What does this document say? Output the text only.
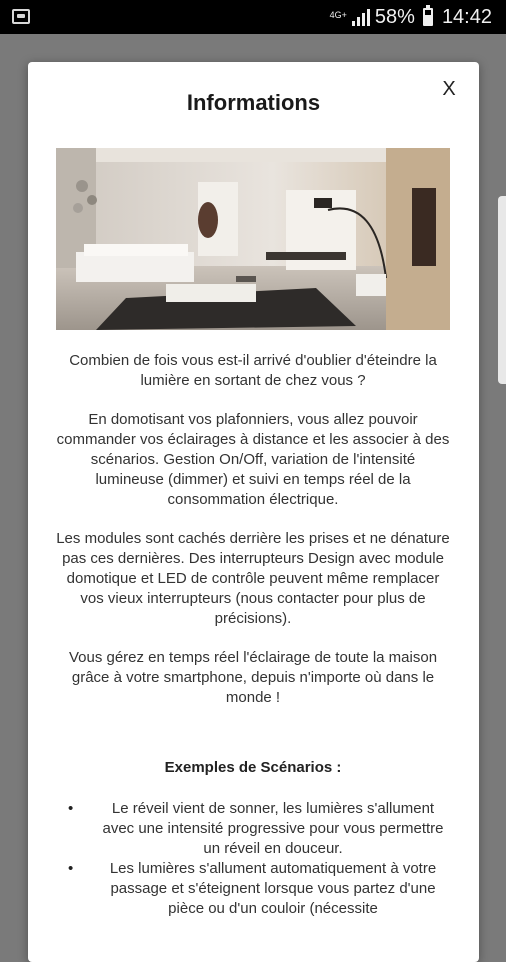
4G+ 58% 14:42
Informations
X

Combien de fois vous est-il arrivé d'oublier d'éteindre la lumière en sortant de chez vous ?

En domotisant vos plafonniers, vous allez pouvoir commander vos éclairages à distance et les associer à des scénarios. Gestion On/Off, variation de l'intensité lumineuse (dimmer) et suivi en temps réel de la consommation électrique.

Les modules sont cachés derrière les prises et ne dénature pas ces dernières. Des interrupteurs Design avec module domotique et LED de contrôle peuvent même remplacer vos vieux interrupteurs (nous contacter pour plus de précisions).

Vous gérez en temps réel l'éclairage de toute la maison grâce à votre smartphone, depuis n'importe où dans le monde !

Exemples de Scénarios :
• Le réveil vient de sonner, les lumières s'allument avec une intensité progressive pour vous permettre un réveil en douceur.
• Les lumières s'allument automatiquement à votre passage et s'éteignent lorsque vous partez d'une pièce ou d'un couloir (nécessite
